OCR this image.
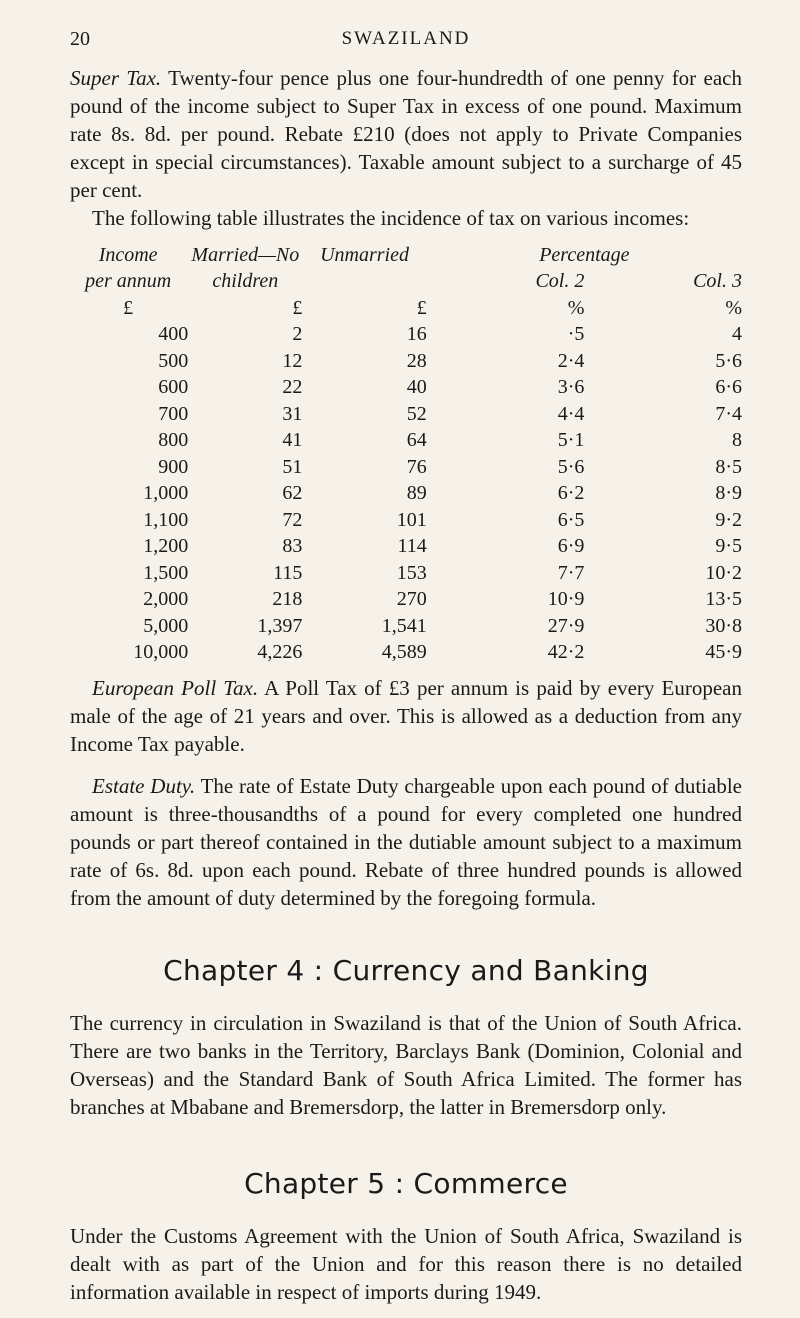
20	SWAZILAND

Super Tax. Twenty-four pence plus one four-hundredth of one penny for each pound of the income subject to Super Tax in excess of one pound. Maximum rate 8s. 8d. per pound. Rebate £210 (does not apply to Private Companies except in special circumstances). Taxable amount subject to a surcharge of 45 per cent.

The following table illustrates the incidence of tax on various incomes:

Income	Married—No	Unmarried	Percentage	
per annum	children		Col. 2	Col. 3
£	£	£	%	%
400	2	16	·5	4
500	12	28	2·4	5·6
600	22	40	3·6	6·6
700	31	52	4·4	7·4
800	41	64	5·1	8
900	51	76	5·6	8·5
1,000	62	89	6·2	8·9
1,100	72	101	6·5	9·2
1,200	83	114	6·9	9·5
1,500	115	153	7·7	10·2
2,000	218	270	10·9	13·5
5,000	1,397	1,541	27·9	30·8
10,000	4,226	4,589	42·2	45·9

European Poll Tax. A Poll Tax of £3 per annum is paid by every European male of the age of 21 years and over. This is allowed as a deduction from any Income Tax payable.

Estate Duty. The rate of Estate Duty chargeable upon each pound of dutiable amount is three-thousandths of a pound for every completed one hundred pounds or part thereof contained in the dutiable amount subject to a maximum rate of 6s. 8d. upon each pound. Rebate of three hundred pounds is allowed from the amount of duty determined by the foregoing formula.

Chapter 4 : Currency and Banking

The currency in circulation in Swaziland is that of the Union of South Africa. There are two banks in the Territory, Barclays Bank (Dominion, Colonial and Overseas) and the Standard Bank of South Africa Limited. The former has branches at Mbabane and Bremersdorp, the latter in Bremersdorp only.

Chapter 5 : Commerce

Under the Customs Agreement with the Union of South Africa, Swaziland is dealt with as part of the Union and for this reason there is no detailed information available in respect of imports during 1949.
